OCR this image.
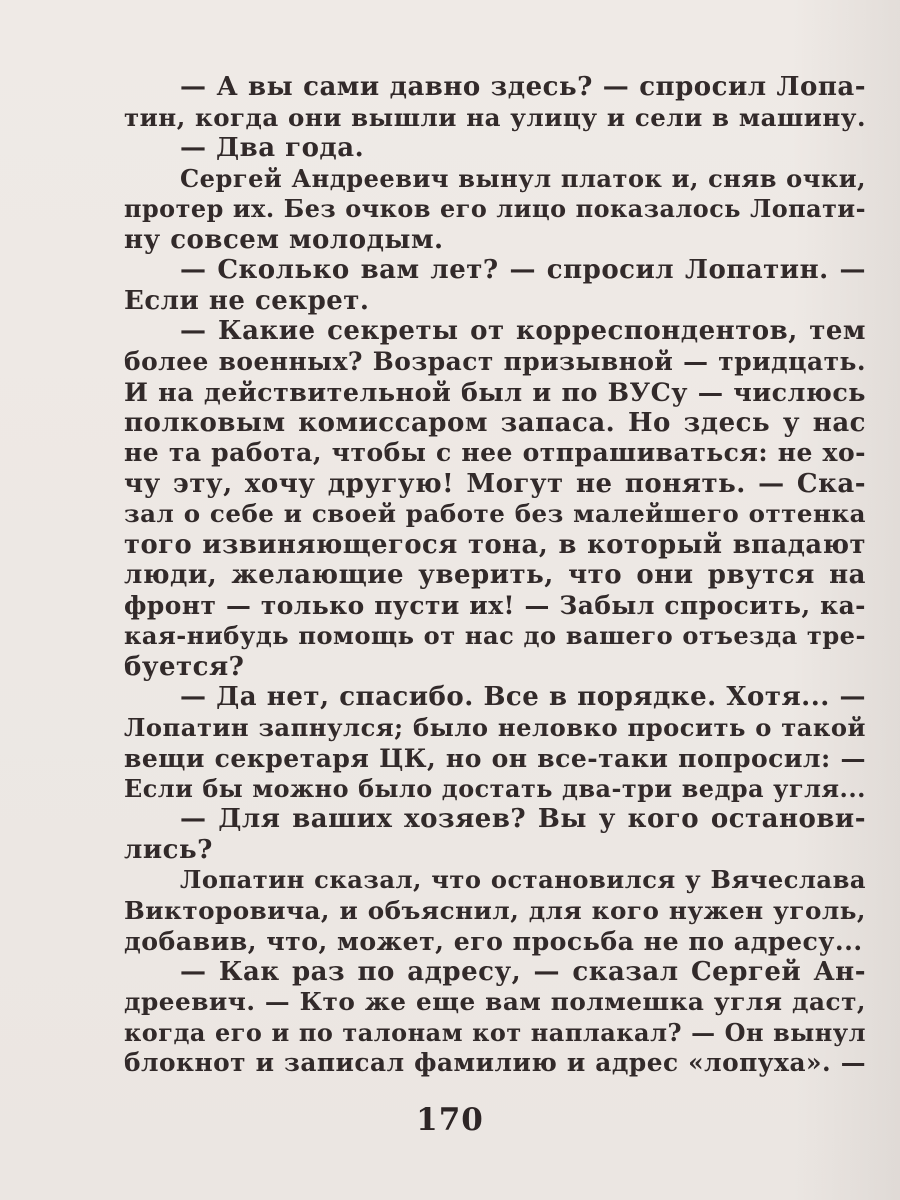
— А вы сами давно здесь? — спросил Лопа-
тин, когда они вышли на улицу и сели в машину.
— Два года.
Сергей Андреевич вынул платок и, сняв очки,
протер их. Без очков его лицо показалось Лопати-
ну совсем молодым.
— Сколько вам лет? — спросил Лопатин. —
Если не секрет.
— Какие секреты от корреспондентов, тем
более военных? Возраст призывной — тридцать.
И на действительной был и по ВУСу — числюсь
полковым комиссаром запаса. Но здесь у нас
не та работа, чтобы с нее отпрашиваться: не хо-
чу эту, хочу другую! Могут не понять. — Ска-
зал о себе и своей работе без малейшего оттенка
того извиняющегося тона, в который впадают
люди, желающие уверить, что они рвутся на
фронт — только пусти их! — Забыл спросить, ка-
кая-нибудь помощь от нас до вашего отъезда тре-
буется?
— Да нет, спасибо. Все в порядке. Хотя... —
Лопатин запнулся; было неловко просить о такой
вещи секретаря ЦК, но он все-таки попросил: —
Если бы можно было достать два-три ведра угля...
— Для ваших хозяев? Вы у кого останови-
лись?
Лопатин сказал, что остановился у Вячеслава
Викторовича, и объяснил, для кого нужен уголь,
добавив, что, может, его просьба не по адресу...
— Как раз по адресу, — сказал Сергей Ан-
дреевич. — Кто же еще вам полмешка угля даст,
когда его и по талонам кот наплакал? — Он вынул
блокнот и записал фамилию и адрес «лопуха». —
170
